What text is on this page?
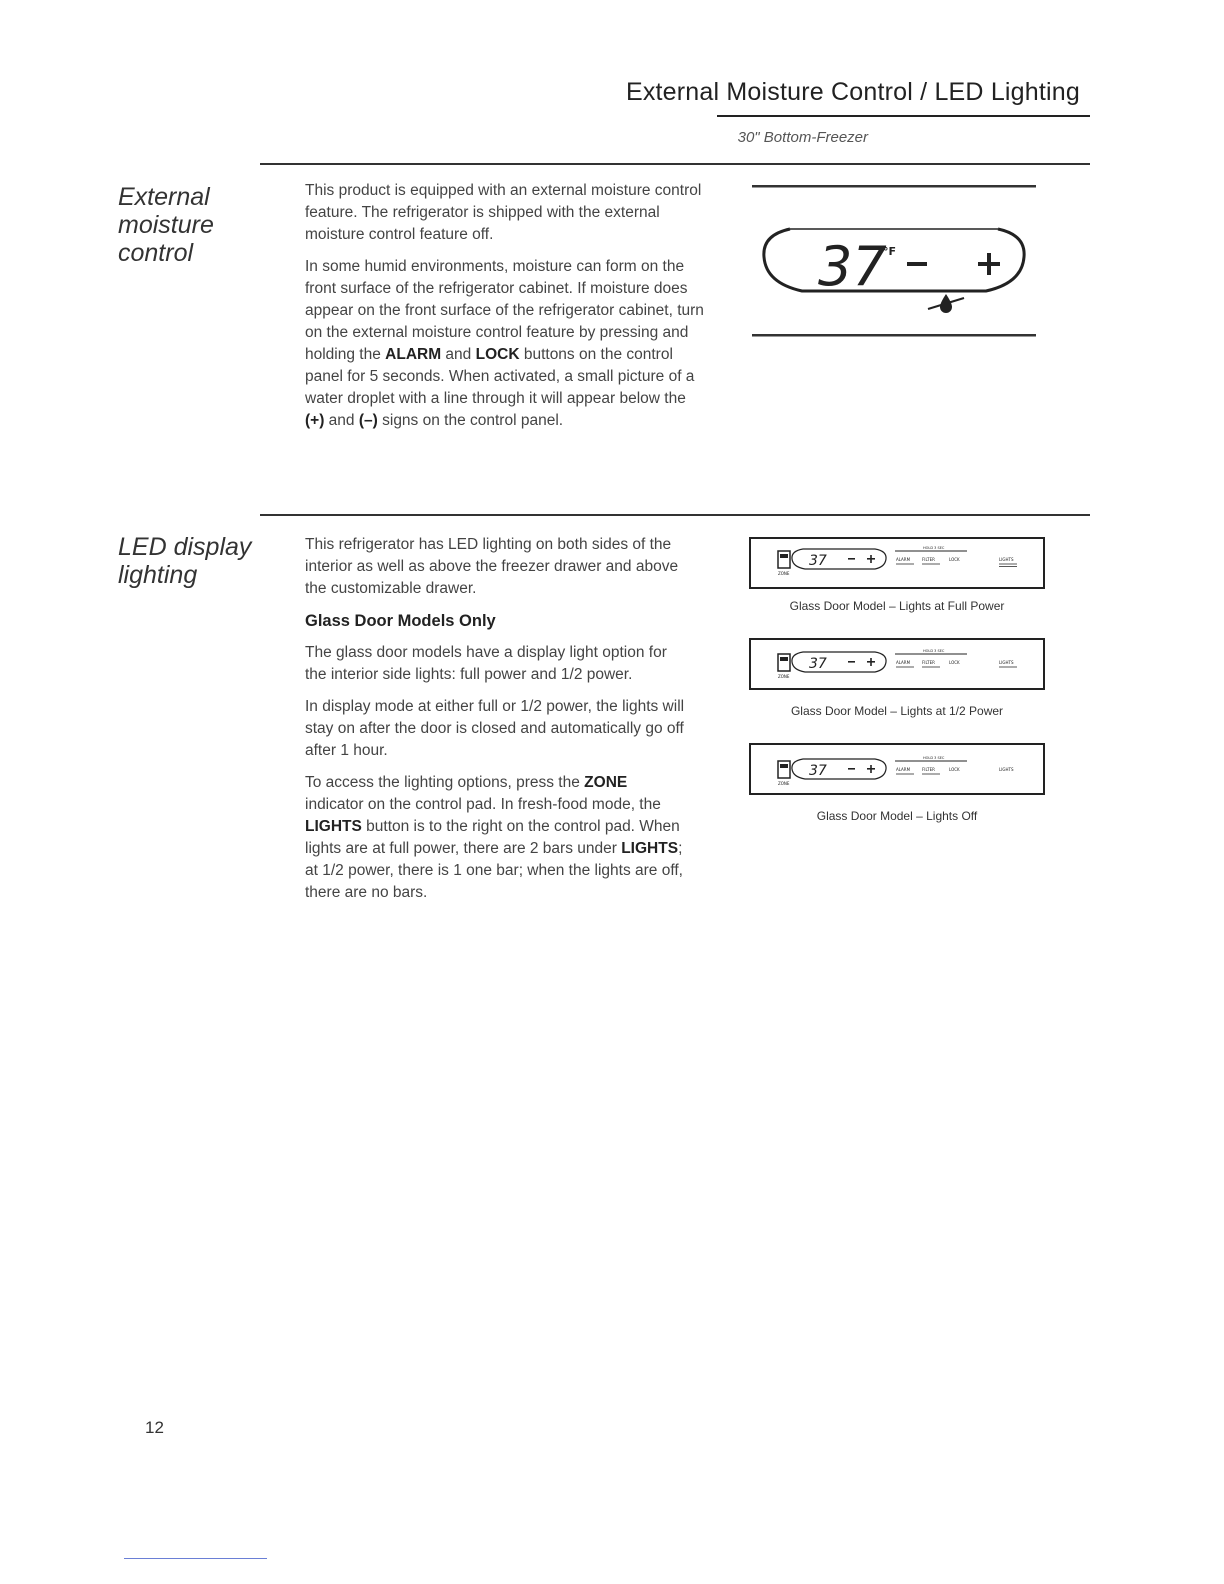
External Moisture Control / LED Lighting
30" Bottom-Freezer
External moisture control

This product is equipped with an external moisture control feature. The refrigerator is shipped with the external moisture control feature off.

In some humid environments, moisture can form on the front surface of the refrigerator cabinet. If moisture does appear on the front surface of the refrigerator cabinet, turn on the external moisture control feature by pressing and holding the ALARM and LOCK buttons on the control panel for 5 seconds. When activated, a small picture of a water droplet with a line through it will appear below the (+) and (–) signs on the control panel.

37
°F
LED display lighting

This refrigerator has LED lighting on both sides of the interior as well as above the freezer drawer and above the customizable drawer.

Glass Door Models Only

The glass door models have a display light option for the interior side lights: full power and 1/2 power.

In display mode at either full or 1/2 power, the lights will stay on after the door is closed and automatically go off after 1 hour.

To access the lighting options, press the ZONE indicator on the control pad. In fresh-food mode, the LIGHTS button is to the right on the control pad. When lights are at full power, there are 2 bars under LIGHTS; at 1/2 power, there is 1 one bar; when the lights are off, there are no bars.

ZONE
37
HOLD 3 SEC
ALARM	FILTER	LOCK	LIGHTS
Glass Door Model – Lights at Full Power
ZONE
37
HOLD 3 SEC
ALARM	FILTER	LOCK	LIGHTS
Glass Door Model – Lights at 1/2 Power
ZONE
37
HOLD 3 SEC
ALARM	FILTER	LOCK	LIGHTS
Glass Door Model – Lights Off
12
